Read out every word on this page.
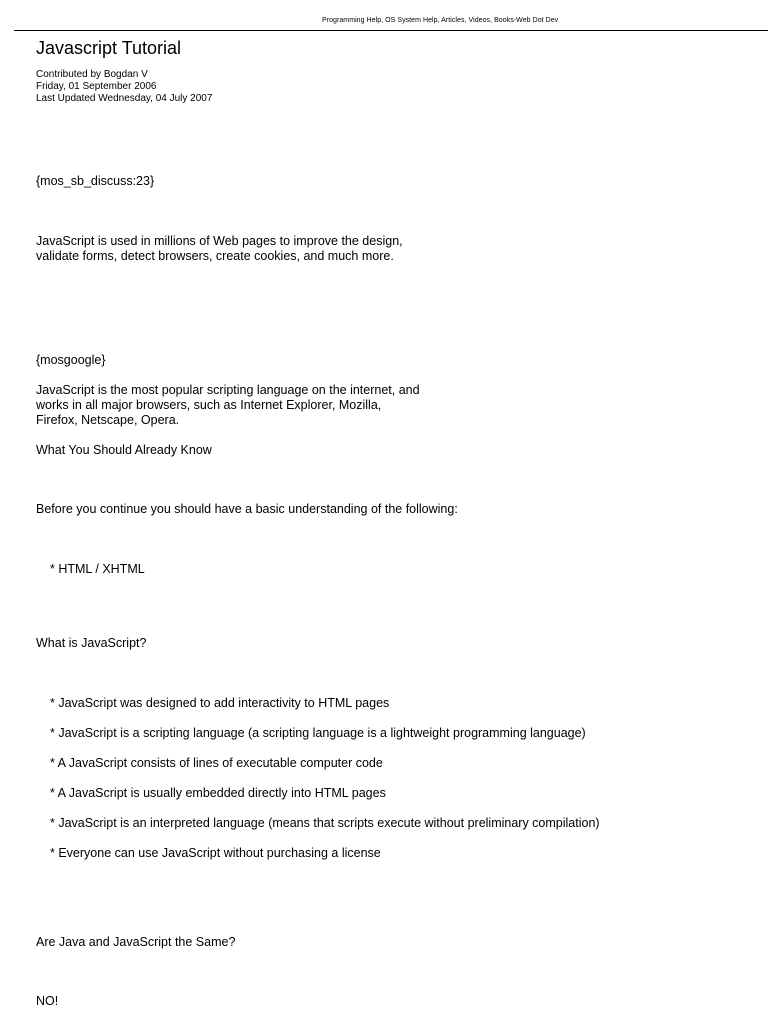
Programming Help, OS System Help, Articles, Videos, Books-Web Dot Dev
Javascript Tutorial
Contributed by Bogdan V
Friday, 01 September 2006
Last Updated Wednesday, 04 July 2007
{mos_sb_discuss:23}
JavaScript is used in millions of Web pages to improve the design,
validate forms, detect browsers, create cookies, and much more.
{mosgoogle}
JavaScript is the most popular scripting language on the internet, and
works in all major browsers, such as Internet Explorer, Mozilla,
Firefox, Netscape, Opera.
What You Should Already Know
Before you continue you should have a basic understanding of the following:
* HTML / XHTML
What is JavaScript?
* JavaScript was designed to add interactivity to HTML pages
* JavaScript is a scripting language (a scripting language is a lightweight programming language)
* A JavaScript consists of lines of executable computer code
* A JavaScript is usually embedded directly into HTML pages
* JavaScript is an interpreted language (means that scripts execute without preliminary compilation)
* Everyone can use JavaScript without purchasing a license
Are Java and JavaScript the Same?
NO!
